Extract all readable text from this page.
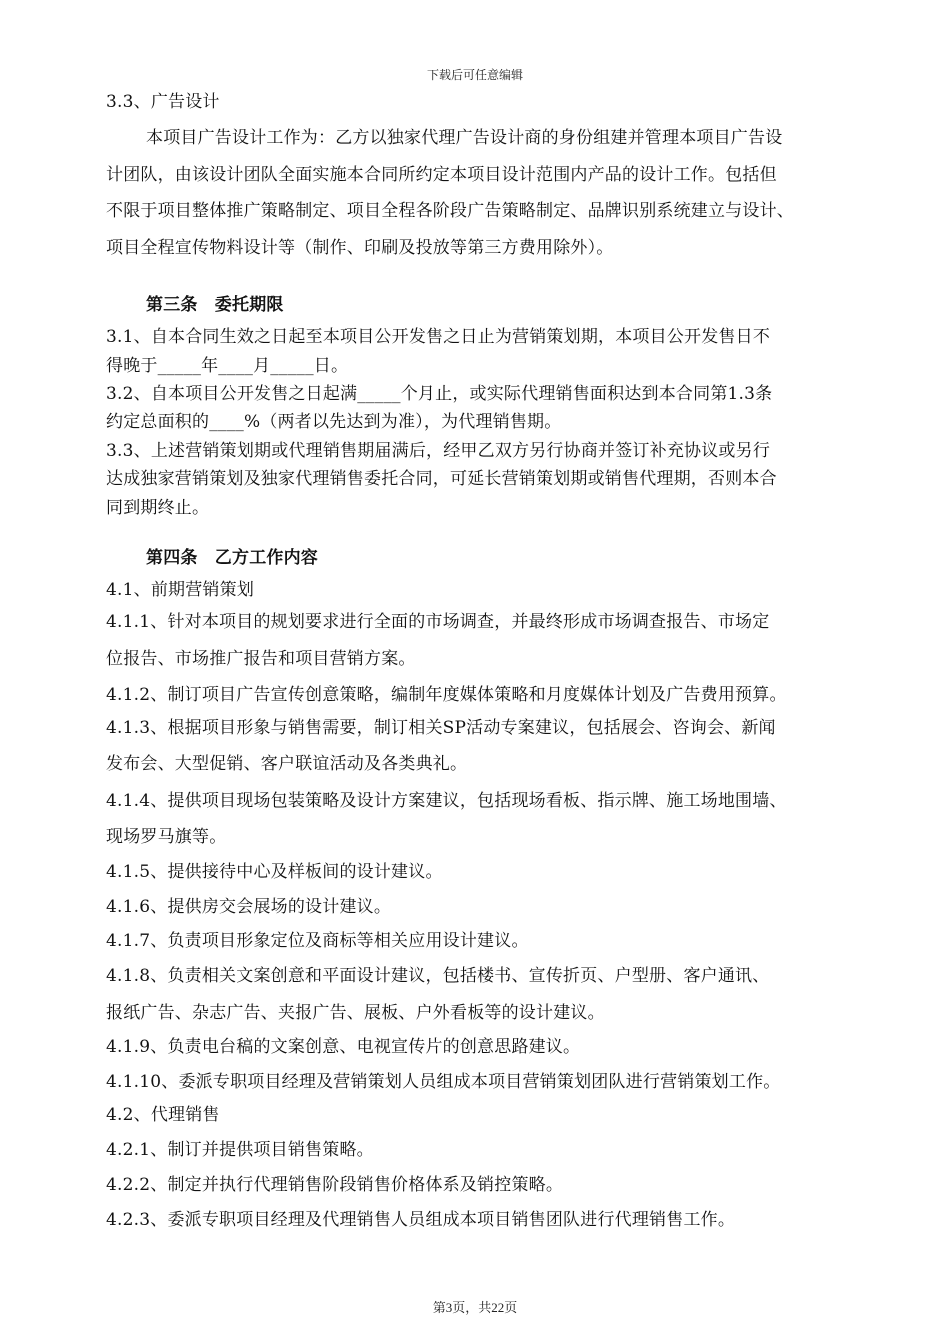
下载后可任意编辑
3.3、广告设计
本项目广告设计工作为：乙方以独家代理广告设计商的身份组建并管理本项目广告设
计团队，由该设计团队全面实施本合同所约定本项目设计范围内产品的设计工作。包括但
不限于项目整体推广策略制定、项目全程各阶段广告策略制定、品牌识别系统建立与设计、
项目全程宣传物料设计等（制作、印刷及投放等第三方费用除外）。
第三条　委托期限
3.1、自本合同生效之日起至本项目公开发售之日止为营销策划期，本项目公开发售日不
得晚于_____年____月_____日。
3.2、自本项目公开发售之日起满_____个月止，或实际代理销售面积达到本合同第1.3条
约定总面积的____%（两者以先达到为准），为代理销售期。
3.3、上述营销策划期或代理销售期届满后，经甲乙双方另行协商并签订补充协议或另行
达成独家营销策划及独家代理销售委托合同，可延长营销策划期或销售代理期，否则本合
同到期终止。
第四条　乙方工作内容
4.1、前期营销策划
4.1.1、针对本项目的规划要求进行全面的市场调查，并最终形成市场调查报告、市场定
位报告、市场推广报告和项目营销方案。
4.1.2、制订项目广告宣传创意策略，编制年度媒体策略和月度媒体计划及广告费用预算。
4.1.3、根据项目形象与销售需要，制订相关SP活动专案建议，包括展会、咨询会、新闻
发布会、大型促销、客户联谊活动及各类典礼。
4.1.4、提供项目现场包装策略及设计方案建议，包括现场看板、指示牌、施工场地围墙、
现场罗马旗等。
4.1.5、提供接待中心及样板间的设计建议。
4.1.6、提供房交会展场的设计建议。
4.1.7、负责项目形象定位及商标等相关应用设计建议。
4.1.8、负责相关文案创意和平面设计建议，包括楼书、宣传折页、户型册、客户通讯、
报纸广告、杂志广告、夹报广告、展板、户外看板等的设计建议。
4.1.9、负责电台稿的文案创意、电视宣传片的创意思路建议。
4.1.10、委派专职项目经理及营销策划人员组成本项目营销策划团队进行营销策划工作。
4.2、代理销售
4.2.1、制订并提供项目销售策略。
4.2.2、制定并执行代理销售阶段销售价格体系及销控策略。
4.2.3、委派专职项目经理及代理销售人员组成本项目销售团队进行代理销售工作。
第3页，共22页
